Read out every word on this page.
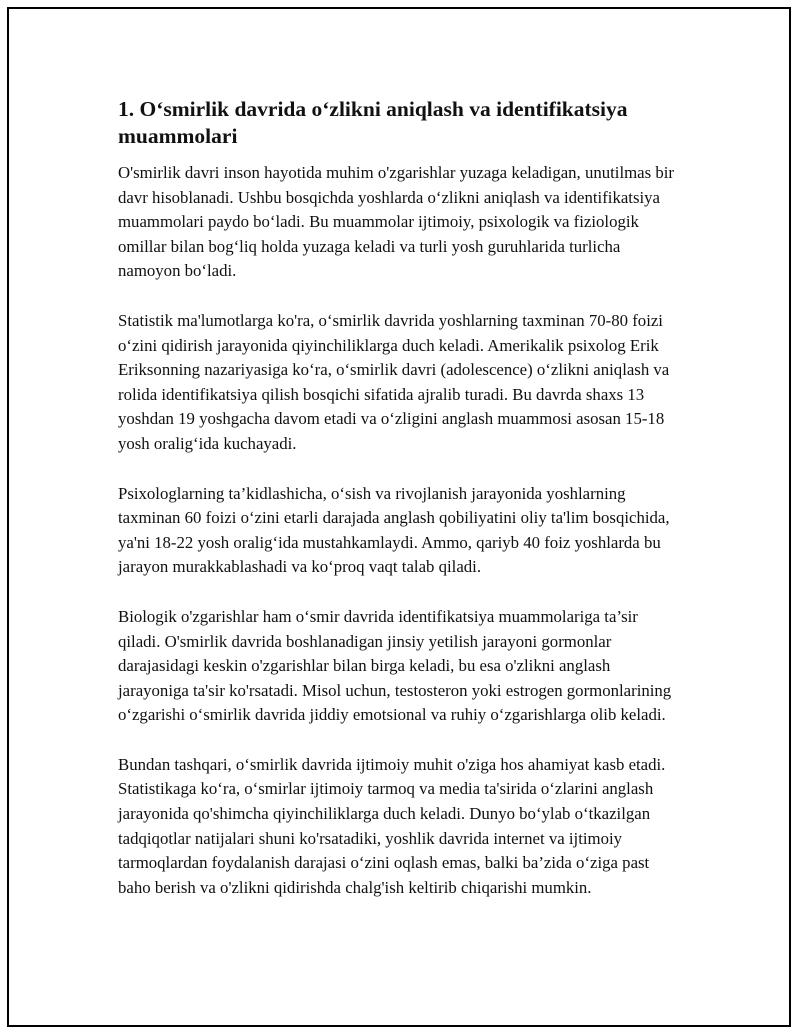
1. O‘smirlik davrida o‘zlikni aniqlash va identifikatsiya muammolari

O'smirlik davri inson hayotida muhim o'zgarishlar yuzaga keladigan, unutilmas bir davr hisoblanadi. Ushbu bosqichda yoshlarda o‘zlikni aniqlash va identifikatsiya muammolari paydo bo‘ladi. Bu muammolar ijtimoiy, psixologik va fiziologik omillar bilan bog‘liq holda yuzaga keladi va turli yosh guruhlarida turlicha namoyon bo‘ladi.

Statistik ma'lumotlarga ko'ra, o‘smirlik davrida yoshlarning taxminan 70-80 foizi o‘zini qidirish jarayonida qiyinchiliklarga duch keladi. Amerikalik psixolog Erik Eriksonning nazariyasiga ko‘ra, o‘smirlik davri (adolescence) o‘zlikni aniqlash va rolida identifikatsiya qilish bosqichi sifatida ajralib turadi. Bu davrda shaxs 13 yoshdan 19 yoshgacha davom etadi va o‘zligini anglash muammosi asosan 15-18 yosh oralig‘ida kuchayadi.

Psixologlarning ta’kidlashicha, o‘sish va rivojlanish jarayonida yoshlarning taxminan 60 foizi o‘zini etarli darajada anglash qobiliyatini oliy ta'lim bosqichida, ya'ni 18-22 yosh oralig‘ida mustahkamlaydi. Ammo, qariyb 40 foiz yoshlarda bu jarayon murakkablashadi va ko‘proq vaqt talab qiladi.

Biologik o'zgarishlar ham o‘smir davrida identifikatsiya muammolariga ta’sir qiladi. O'smirlik davrida boshlanadigan jinsiy yetilish jarayoni gormonlar darajasidagi keskin o'zgarishlar bilan birga keladi, bu esa o'zlikni anglash jarayoniga ta'sir ko'rsatadi. Misol uchun, testosteron yoki estrogen gormonlarining o‘zgarishi o‘smirlik davrida jiddiy emotsional va ruhiy o‘zgarishlarga olib keladi.

Bundan tashqari, o‘smirlik davrida ijtimoiy muhit o'ziga hos ahamiyat kasb etadi. Statistikaga ko‘ra, o‘smirlar ijtimoiy tarmoq va media ta'sirida o‘zlarini anglash jarayonida qo'shimcha qiyinchiliklarga duch keladi. Dunyo bo‘ylab o‘tkazilgan tadqiqotlar natijalari shuni ko'rsatadiki, yoshlik davrida internet va ijtimoiy tarmoqlardan foydalanish darajasi o‘zini oqlash emas, balki ba’zida o‘ziga past baho berish va o'zlikni qidirishda chalg'ish keltirib chiqarishi mumkin.
